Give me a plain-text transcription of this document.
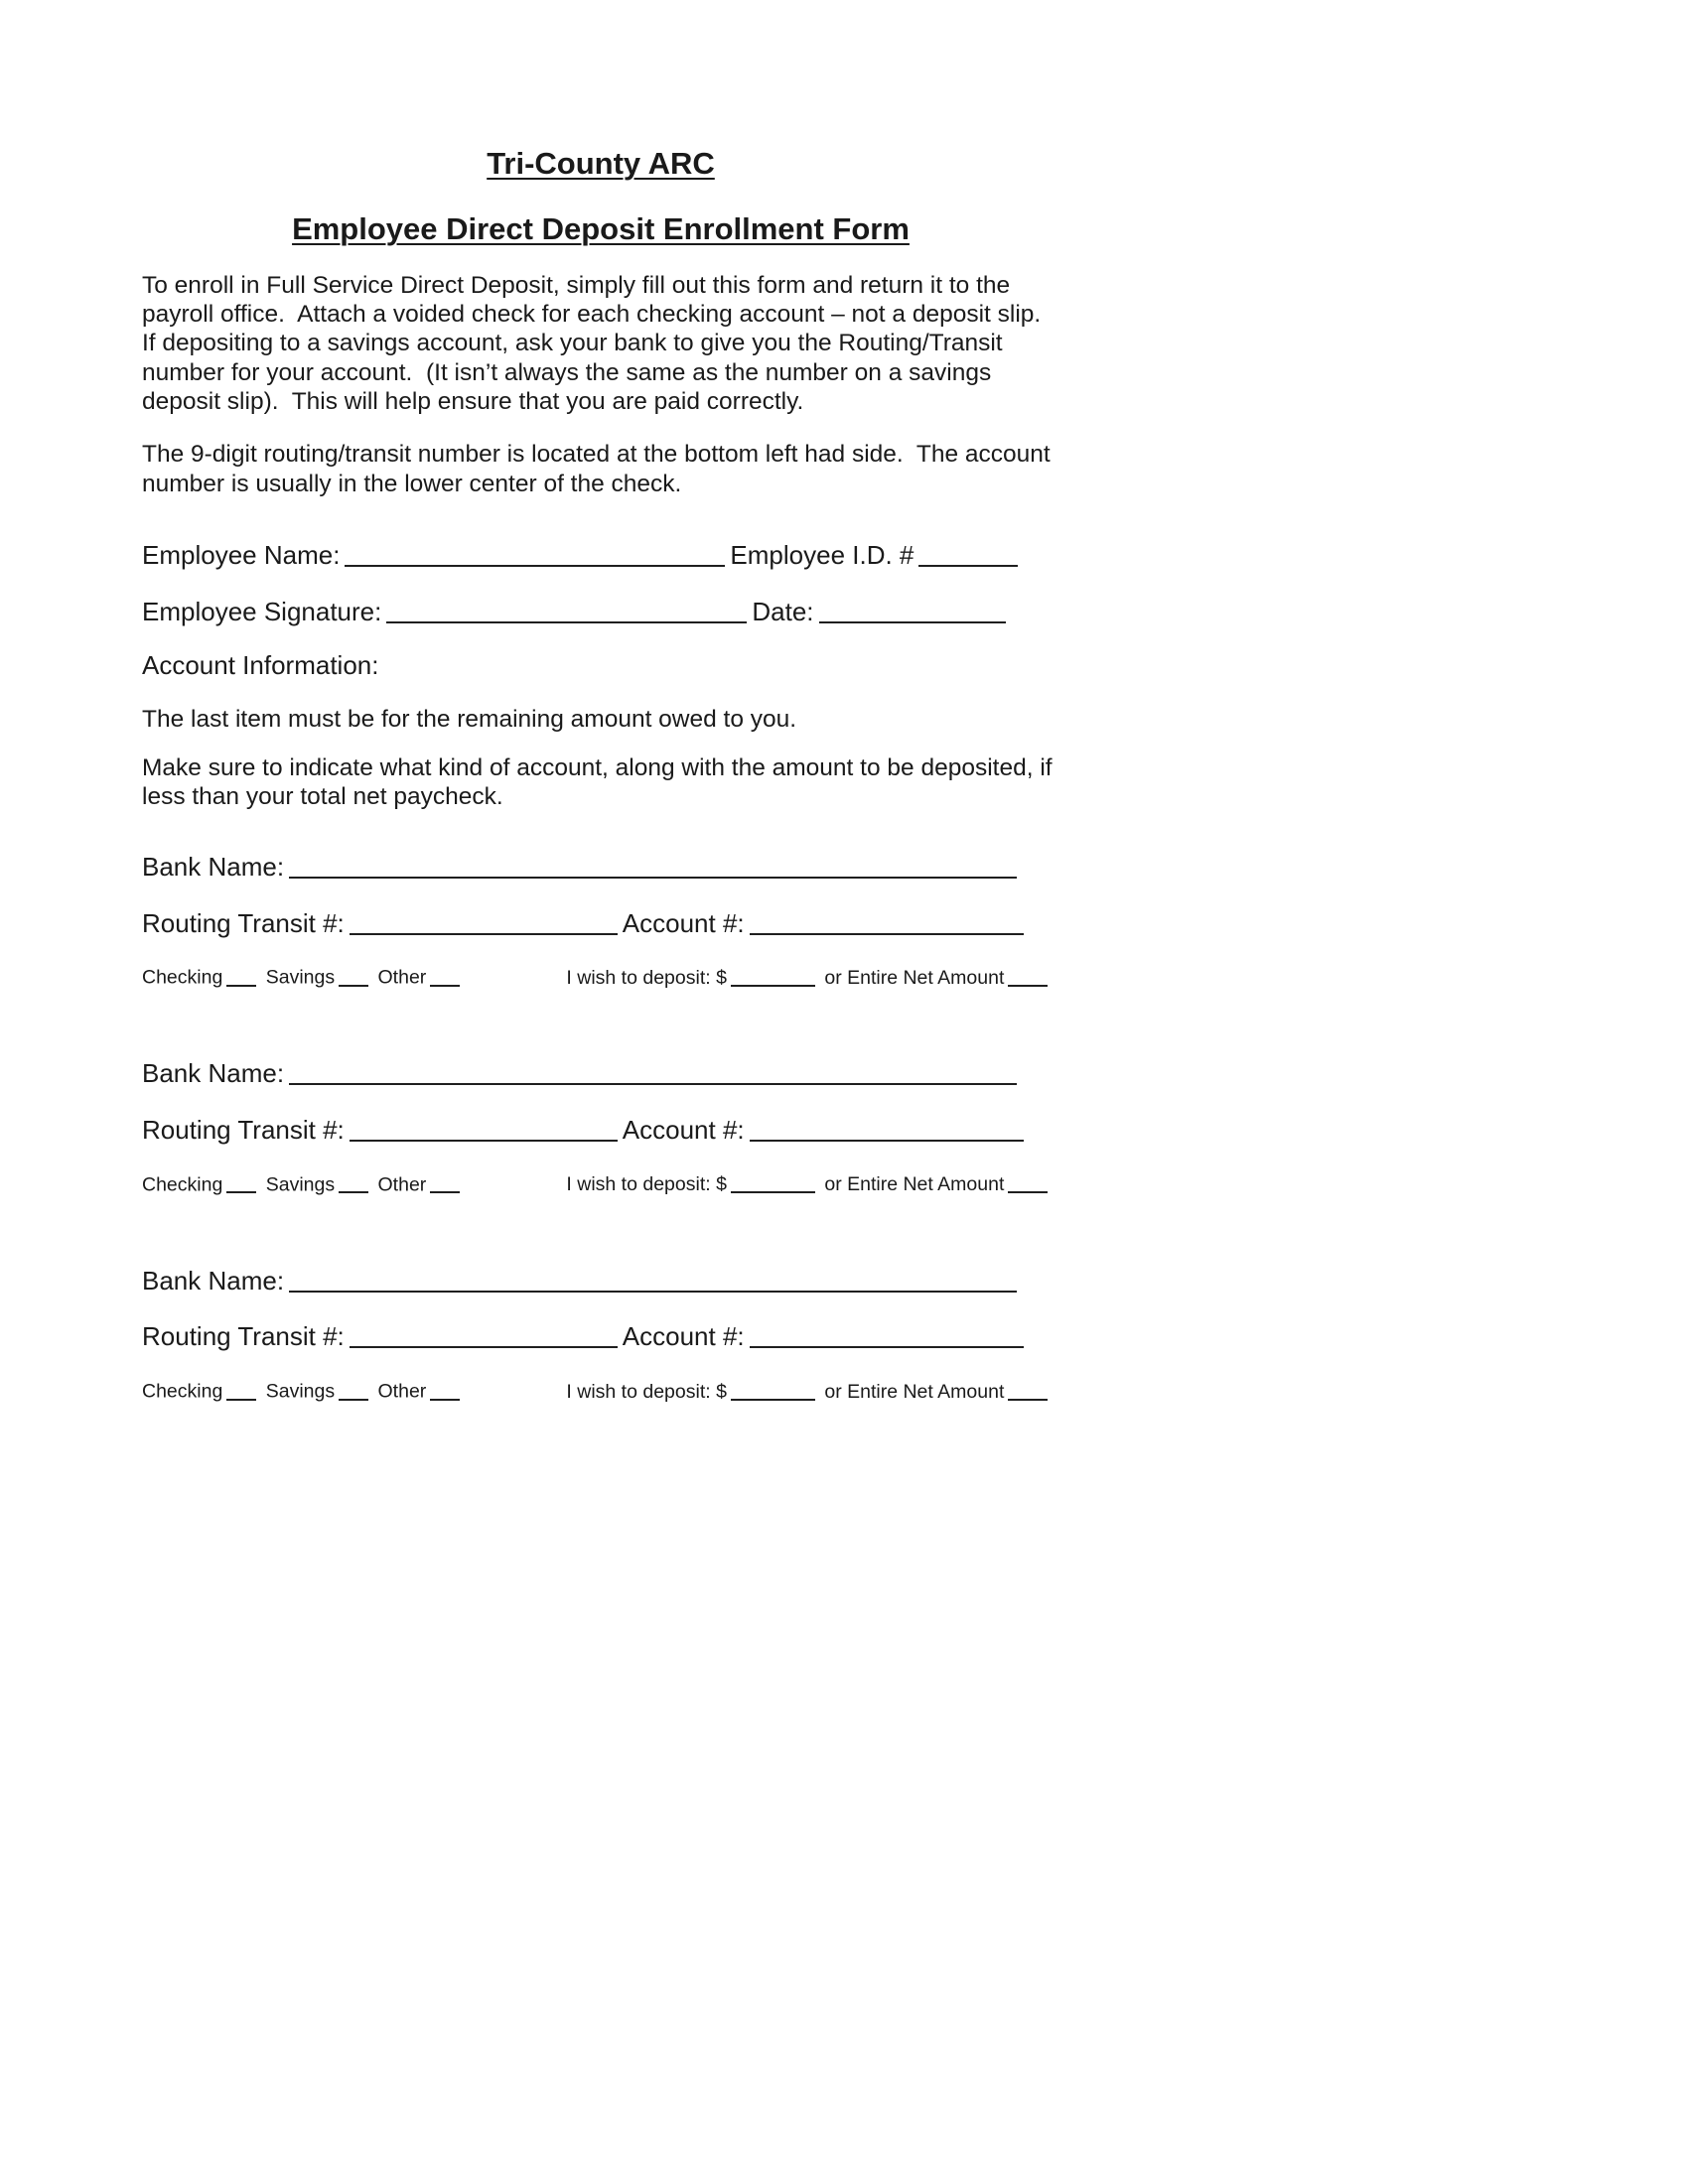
Tri-County ARC
Employee Direct Deposit Enrollment Form

To enroll in Full Service Direct Deposit, simply fill out this form and return it to the payroll office.  Attach a voided check for each checking account – not a deposit slip.  If depositing to a savings account, ask your bank to give you the Routing/Transit number for your account.  (It isn’t always the same as the number on a savings deposit slip).  This will help ensure that you are paid correctly.

The 9-digit routing/transit number is located at the bottom left had side.  The account number is usually in the lower center of the check.

Employee Name:	Employee I.D. #
Employee Signature:	Date:
Account Information:

The last item must be for the remaining amount owed to you.

Make sure to indicate what kind of account, along with the amount to be deposited, if less than your total net paycheck.

Bank Name:
Routing Transit #:	Account #:
Checking Savings Other	I wish to deposit: $	or Entire Net Amount
Bank Name:
Routing Transit #:	Account #:
Checking Savings Other	I wish to deposit: $	or Entire Net Amount
Bank Name:
Routing Transit #:	Account #:
Checking Savings Other	I wish to deposit: $	or Entire Net Amount
